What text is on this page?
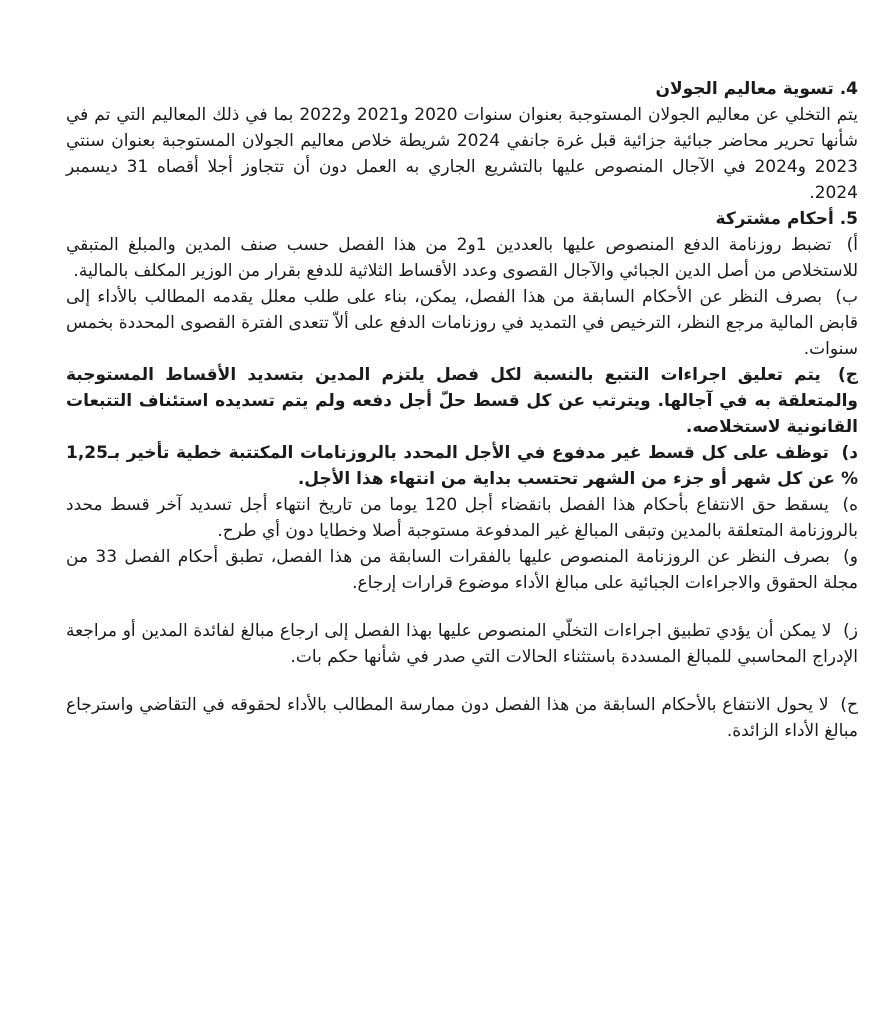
4. تسوية معاليم الجولان

يتم التخلي عن معاليم الجولان المستوجبة بعنوان سنوات 2020 و2021 و2022 بما في ذلك المعاليم التي تم في شأنها تحرير محاضر جبائية جزائية قبل غرة جانفي 2024 شريطة خلاص معاليم الجولان المستوجبة بعنوان سنتي 2023 و2024 في الآجال المنصوص عليها بالتشريع الجاري به العمل دون أن تتجاوز أجلا أقصاه 31 ديسمبر 2024.

5. أحكام مشتركة

أ) تضبط روزنامة الدفع المنصوص عليها بالعددين 1و2 من هذا الفصل حسب صنف المدين والمبلغ المتبقي للاستخلاص من أصل الدين الجبائي والآجال القصوى وعدد الأقساط الثلاثية للدفع بقرار من الوزير المكلف بالمالية.

ب) بصرف النظر عن الأحكام السابقة من هذا الفصل، يمكن، بناء على طلب معلل يقدمه المطالب بالأداء إلى قابض المالية مرجع النظر، الترخيص في التمديد في روزنامات الدفع على ألاّ تتعدى الفترة القصوى المحددة بخمس سنوات.

ج) يتم تعليق اجراءات التتبع بالنسبة لكل فصل يلتزم المدين بتسديد الأقساط المستوجبة والمتعلقة به في آجالها. ويترتب عن كل قسط حلّ أجل دفعه ولم يتم تسديده استئناف التتبعات القانونية لاستخلاصه.

د) توظف على كل قسط غير مدفوع في الأجل المحدد بالروزنامات المكتتبة خطية تأخير بـ1,25 % عن كل شهر أو جزء من الشهر تحتسب بداية من انتهاء هذا الأجل.

ه) يسقط حق الانتفاع بأحكام هذا الفصل بانقضاء أجل 120 يوما من تاريخ انتهاء أجل تسديد آخر قسط محدد بالروزنامة المتعلقة بالمدين وتبقى المبالغ غير المدفوعة مستوجبة أصلا وخطايا دون أي طرح.

و) بصرف النظر عن الروزنامة المنصوص عليها بالفقرات السابقة من هذا الفصل، تطبق أحكام الفصل 33 من مجلة الحقوق والاجراءات الجبائية على مبالغ الأداء موضوع قرارات إرجاع.

ز) لا يمكن أن يؤدي تطبيق اجراءات التخلّي المنصوص عليها بهذا الفصل إلى ارجاع مبالغ لفائدة المدين أو مراجعة الإدراج المحاسبي للمبالغ المسددة باستثناء الحالات التي صدر في شأنها حكم بات.

ح) لا يحول الانتفاع بالأحكام السابقة من هذا الفصل دون ممارسة المطالب بالأداء لحقوقه في التقاضي واسترجاع مبالغ الأداء الزائدة.
